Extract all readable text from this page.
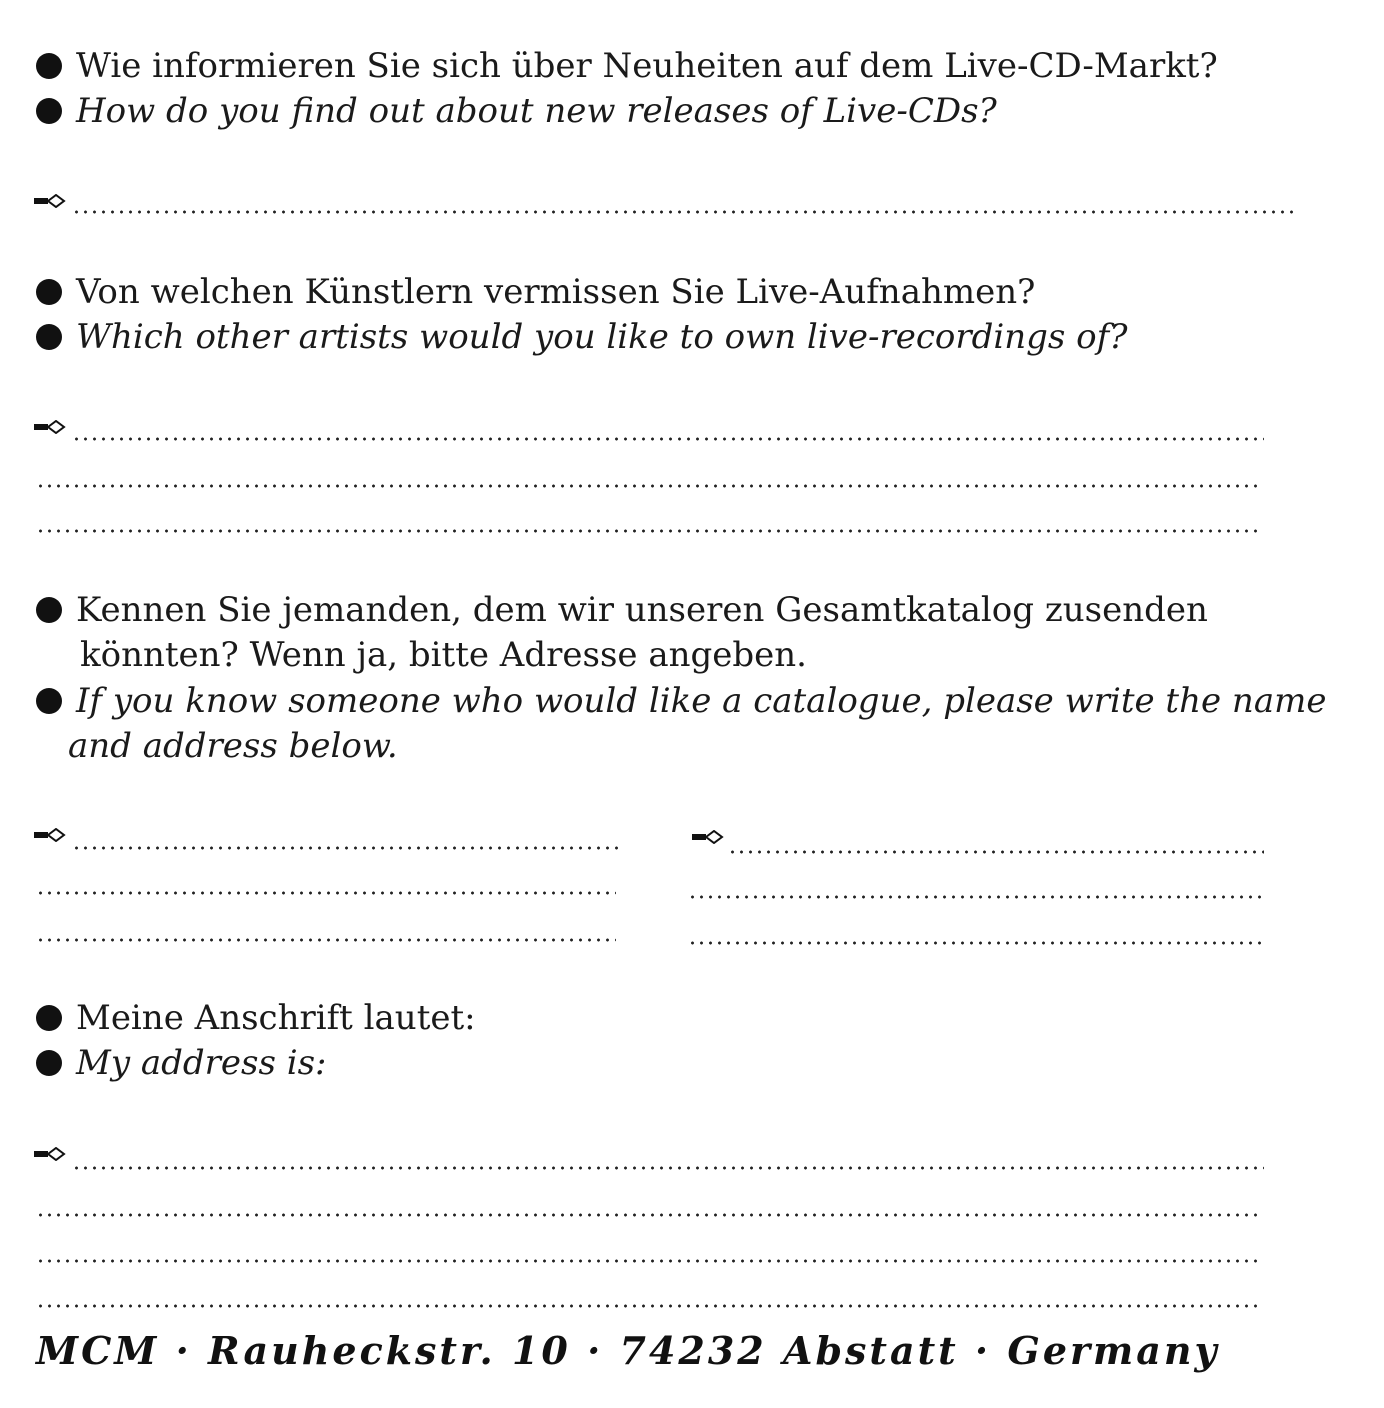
Wie informieren Sie sich über Neuheiten auf dem Live-CD-Markt?
How do you find out about new releases of Live-CDs?
Von welchen Künstlern vermissen Sie Live-Aufnahmen?
Which other artists would you like to own live-recordings of?
Kennen Sie jemanden, dem wir unseren Gesamtkatalog zusenden
könnten? Wenn ja, bitte Adresse angeben.
If you know someone who would like a catalogue, please write the name
and address below.
Meine Anschrift lautet:
My address is:
MCM · Rauheckstr. 10 · 74232 Abstatt · Germany
